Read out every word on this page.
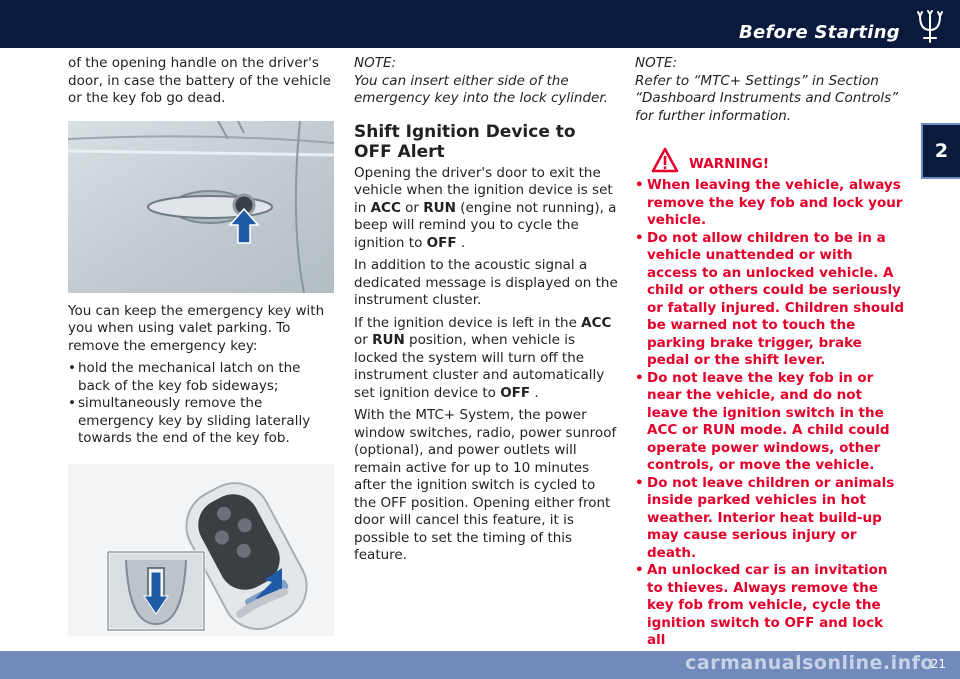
Before Starting
2

of the opening handle on the driver's door, in case the battery of the vehicle or the key fob go dead.

You can keep the emergency key with you when using valet parking. To remove the emergency key:

• hold the mechanical latch on the back of the key fob sideways;
• simultaneously remove the emergency key by sliding laterally towards the end of the key fob.

NOTE:

You can insert either side of the emergency key into the lock cylinder.

Shift Ignition Device to OFF Alert

Opening the driver's door to exit the vehicle when the ignition device is set in ACC or RUN (engine not running), a beep will remind you to cycle the ignition to OFF .

In addition to the acoustic signal a dedicated message is displayed on the instrument cluster.

If the ignition device is left in the ACC or RUN position, when vehicle is locked the system will turn off the instrument cluster and automatically set ignition device to OFF .

With the MTC+ System, the power window switches, radio, power sunroof (optional), and power outlets will remain active for up to 10 minutes after the ignition switch is cycled to the OFF position. Opening either front door will cancel this feature, it is possible to set the timing of this feature.

NOTE:

Refer to “MTC+ Settings” in Section “Dashboard Instruments and Controls” for further information.

WARNING!
• When leaving the vehicle, always remove the key fob and lock your vehicle.
• Do not allow children to be in a vehicle unattended or with access to an unlocked vehicle. A child or others could be seriously or fatally injured. Children should be warned not to touch the parking brake trigger, brake pedal or the shift lever.
• Do not leave the key fob in or near the vehicle, and do not leave the ignition switch in the ACC or RUN mode. A child could operate power windows, other controls, or move the vehicle.
• Do not leave children or animals inside parked vehicles in hot weather. Interior heat build-up may cause serious injury or death.
• An unlocked car is an invitation to thieves. Always remove the key fob from vehicle, cycle the ignition switch to OFF and lock all
21
carmanualsonline.info
